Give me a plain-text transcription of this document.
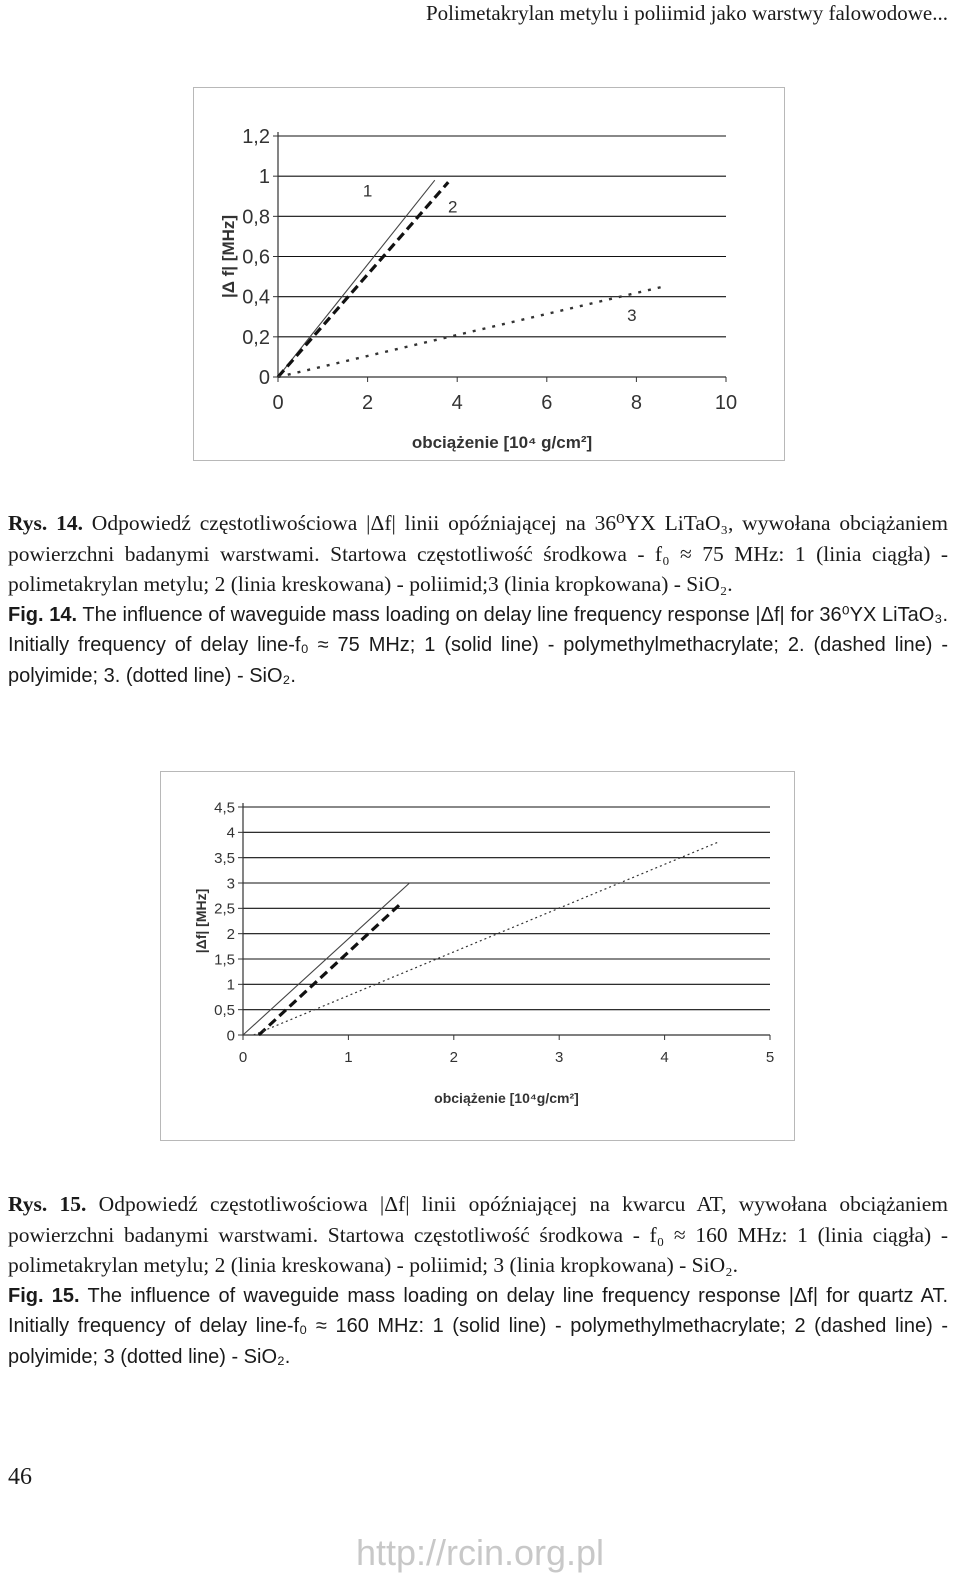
Polimetakrylan metylu i poliimid jako warstwy falowodowe...
0
0,2
0,4
0,6
0,8
1
1,2
0	2	4	6	8	10
1
2
3
obciążenie [10⁴ g/cm²]
|Δ f| [MHz]

Rys. 14. Odpowiedź częstotliwościowa |Δf| linii opóźniającej na 36⁰YX LiTaO₃, wywołana obciążaniem powierzchni badanymi warstwami. Startowa częstotliwość środkowa - f₀ ≈ 75 MHz: 1 (linia ciągła) - polimetakrylan metylu; 2 (linia kreskowana) - poliimid;3 (linia kropkowana) - SiO₂.

Fig. 14. The influence of waveguide mass loading on delay line frequency response |Δf| for 36⁰YX LiTaO₃. Initially frequency of delay line-f₀ ≈ 75 MHz; 1 (solid line) - polymethylmethacrylate; 2. (dashed line) - polyimide; 3. (dotted line) - SiO₂.

0
0,5
1
1,5
2
2,5
3
3,5
4
4,5
0	1	2	3	4	5
obciążenie [10⁴g/cm²]
|Δf| [MHz]

Rys. 15. Odpowiedź częstotliwościowa |Δf| linii opóźniającej na kwarcu AT, wywołana obciążaniem powierzchni badanymi warstwami. Startowa częstotliwość środkowa - f₀ ≈ 160 MHz: 1 (linia ciągła) - polimetakrylan metylu; 2 (linia kreskowana) - poliimid; 3 (linia kropkowana) - SiO₂.

Fig. 15. The influence of waveguide mass loading on delay line frequency response |Δf| for quartz AT. Initially frequency of delay line-f₀ ≈ 160 MHz: 1 (solid line) - polymethylmethacrylate; 2 (dashed line) - polyimide; 3 (dotted line) - SiO₂.

46
http://rcin.org.pl
